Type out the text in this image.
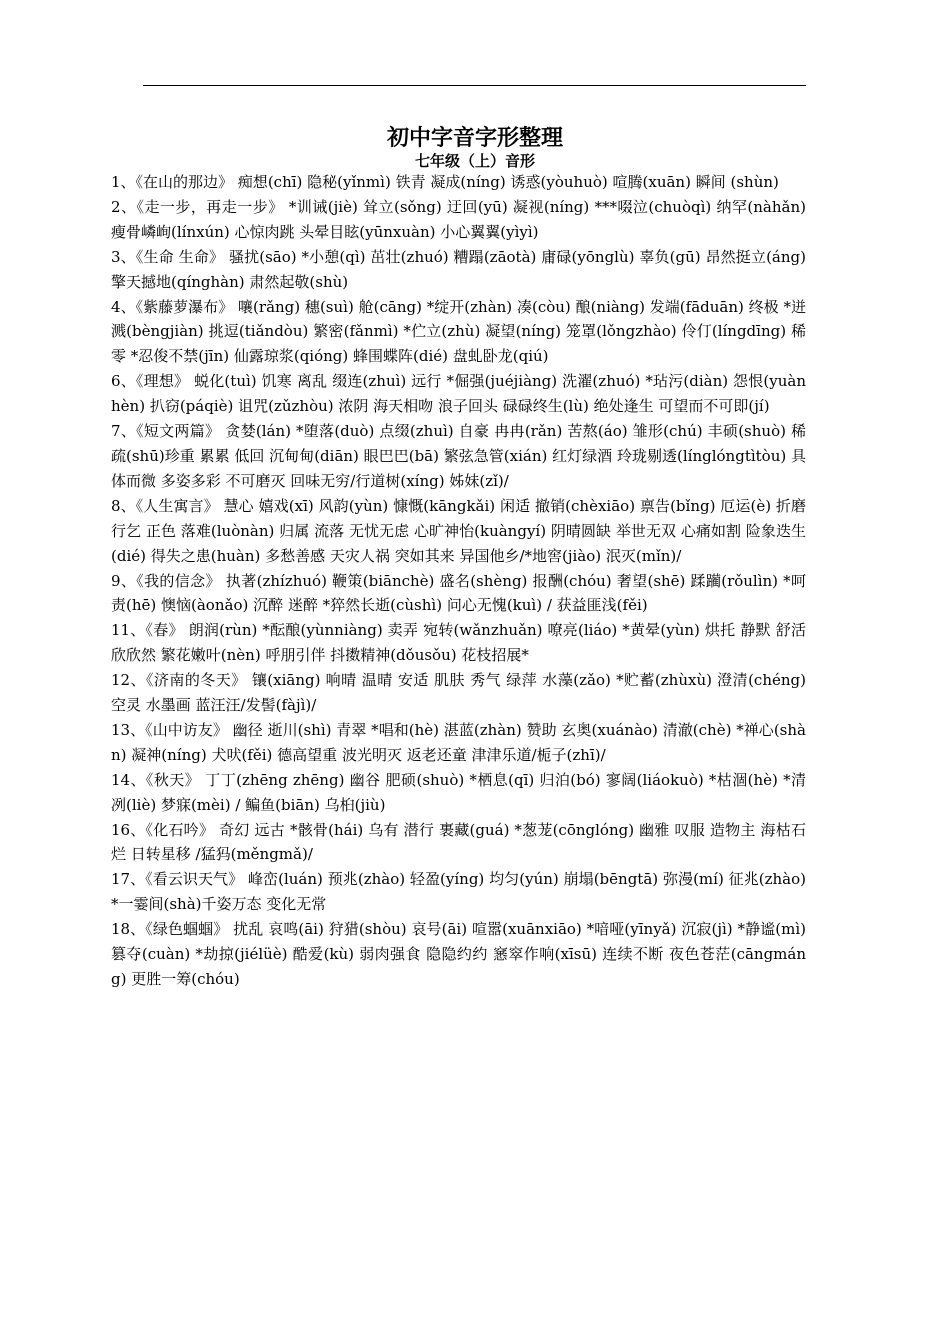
初中字音字形整理
七年级（上）音形

1、《在山的那边》 痴想(chī) 隐秘(yǐnmì) 铁青 凝成(níng) 诱惑(yòuhuò) 喧腾(xuān) 瞬间 (shùn)

2、《走一步，再走一步》 *训诫(jiè) 耸立(sǒng) 迂回(yū) 凝视(níng) ***啜泣(chuòqì) 纳罕(nàhǎn) 瘦骨嶙峋(línxún) 心惊肉跳 头晕目眩(yūnxuàn) 小心翼翼(yìyì)

3、《生命 生命》 骚扰(sāo) *小憩(qì) 茁壮(zhuó) 糟蹋(zāotà) 庸碌(yōnglù) 辜负(gū) 昂然挺立(áng) 擎天撼地(qínghàn) 肃然起敬(shù)

4、《紫藤萝瀑布》 嚷(rǎng) 穗(suì) 舱(cāng) *绽开(zhàn) 凑(còu) 酿(niàng) 发端(fāduān) 终极 *迸溅(bèngjiàn) 挑逗(tiǎndòu) 繁密(fǎnmì) *伫立(zhù) 凝望(níng) 笼罩(lǒngzhào) 伶仃(língdīng) 稀零 *忍俊不禁(jīn) 仙露琼浆(qióng) 蜂围蝶阵(dié) 盘虬卧龙(qiú)

6、《理想》 蜕化(tuì) 饥寒 离乱 缀连(zhuì) 远行 *倔强(juéjiàng) 洗濯(zhuó) *玷污(diàn) 怨恨(yuànhèn) 扒窃(páqiè) 诅咒(zǔzhòu) 浓阴 海天相吻 浪子回头 碌碌终生(lù) 绝处逢生 可望而不可即(jí)

7、《短文两篇》 贪婪(lán) *堕落(duò) 点缀(zhuì) 自豪 冉冉(rǎn) 苦熬(áo) 雏形(chú) 丰硕(shuò) 稀疏(shū)珍重 累累 低回 沉甸甸(diān) 眼巴巴(bā) 繁弦急管(xián) 红灯绿酒 玲珑剔透(línglóngtìtòu) 具体而微 多姿多彩 不可磨灭 回味无穷/行道树(xíng) 姊妹(zǐ)/

8、《人生寓言》 慧心 嬉戏(xī) 风韵(yùn) 慷慨(kāngkǎi) 闲适 撤销(chèxiāo) 禀告(bǐng) 厄运(è) 折磨 行乞 正色 落难(luònàn) 归属 流落 无忧无虑 心旷神怡(kuàngyí) 阴晴圆缺 举世无双 心痛如割 险象迭生(dié) 得失之患(huàn) 多愁善感 天灾人祸 突如其来 异国他乡/*地窖(jiào) 泯灭(mǐn)/

9、《我的信念》 执著(zhízhuó) 鞭策(biānchè) 盛名(shèng) 报酬(chóu) 奢望(shē) 蹂躏(rǒulìn) *呵责(hē) 懊恼(àonǎo) 沉醉 迷醉 *猝然长逝(cùshì) 问心无愧(kuì) / 获益匪浅(fěi)

11、《春》 朗润(rùn) *酝酿(yùnniàng) 卖弄 宛转(wǎnzhuǎn) 嘹亮(liáo) *黄晕(yùn) 烘托 静默 舒活 欣欣然 繁花嫩叶(nèn) 呼朋引伴 抖擞精神(dǒusǒu) 花枝招展*

12、《济南的冬天》 镶(xiāng) 响晴 温晴 安适 肌肤 秀气 绿萍 水藻(zǎo) *贮蓄(zhùxù) 澄清(chéng) 空灵 水墨画 蓝汪汪/发髻(fàjì)/

13、《山中访友》 幽径 逝川(shì) 青翠 *唱和(hè) 湛蓝(zhàn) 赞助 玄奥(xuánào) 清澈(chè) *禅心(shàn) 凝神(níng) 犬吠(fěi) 德高望重 波光明灭 返老还童 津津乐道/栀子(zhī)/

14、《秋天》 丁丁(zhēng zhēng) 幽谷 肥硕(shuò) *栖息(qī) 归泊(bó) 寥阔(liáokuò) *枯涸(hè) *清冽(liè) 梦寐(mèi) / 鳊鱼(biān) 乌桕(jiù)

16、《化石吟》 奇幻 远古 *骸骨(hái) 乌有 潜行 裹藏(guá) *葱茏(cōnglóng) 幽雅 叹服 造物主 海枯石烂 日转星移 /猛犸(měngmǎ)/

17、《看云识天气》 峰峦(luán) 预兆(zhào) 轻盈(yíng) 均匀(yún) 崩塌(bēngtā) 弥漫(mí) 征兆(zhào) *一霎间(shà)千姿万态 变化无常

18、《绿色蝈蝈》 扰乱 哀鸣(āi) 狩猎(shòu) 哀号(āi) 喧嚣(xuānxiāo) *喑哑(yīnyǎ) 沉寂(jì) *静谧(mì) 篡夺(cuàn) *劫掠(jiélüè) 酷爱(kù) 弱肉强食 隐隐约约 窸窣作响(xīsū) 连续不断 夜色苍茫(cāngmáng) 更胜一筹(chóu)
